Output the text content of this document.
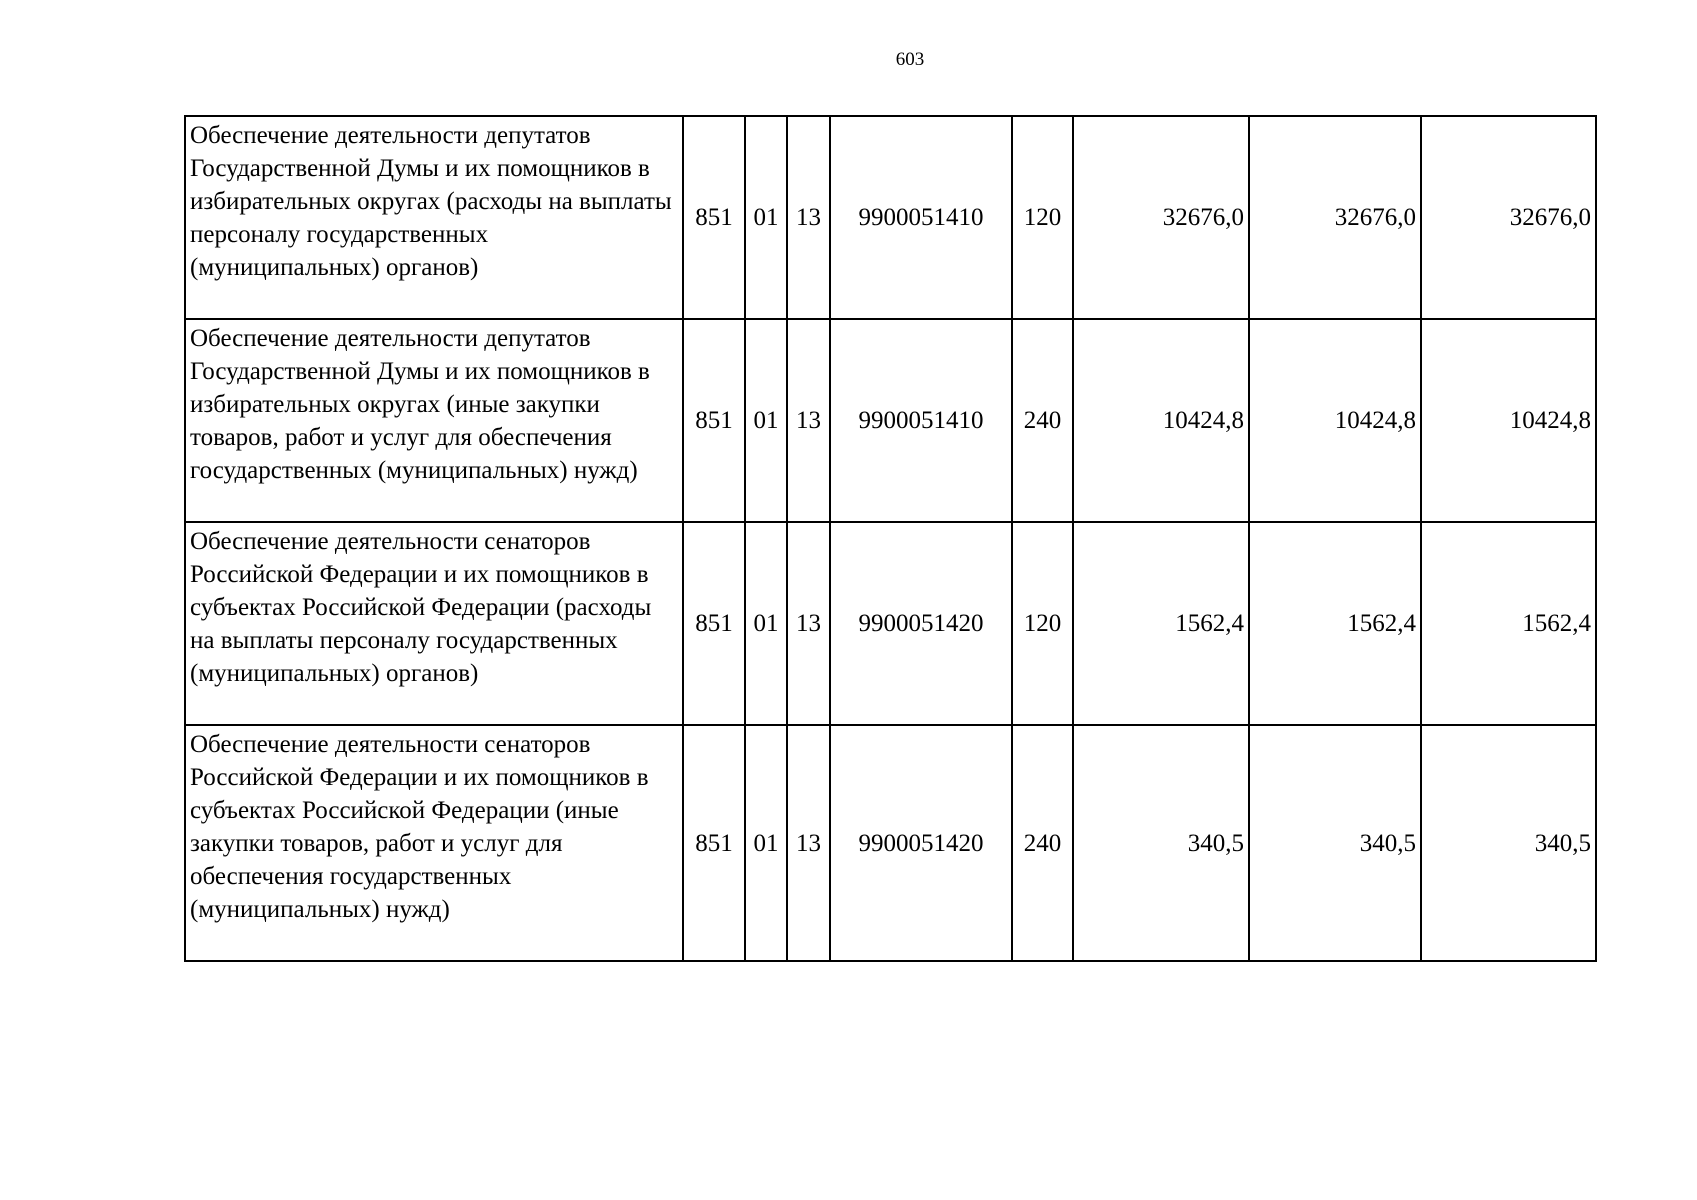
603
Обеспечение деятельности депутатов Государственной Думы и их помощников в избирательных округах (расходы на выплаты персоналу государственных (муниципальных) органов)	851	01	13	9900051410	120	32676,0	32676,0	32676,0
Обеспечение деятельности депутатов Государственной Думы и их помощников в избирательных округах (иные закупки товаров, работ и услуг для обеспечения государственных (муниципальных) нужд)	851	01	13	9900051410	240	10424,8	10424,8	10424,8
Обеспечение деятельности сенаторов Российской Федерации и их помощников в субъектах Российской Федерации (расходы на выплаты персоналу государственных (муниципальных) органов)	851	01	13	9900051420	120	1562,4	1562,4	1562,4
Обеспечение деятельности сенаторов Российской Федерации и их помощников в субъектах Российской Федерации (иные закупки товаров, работ и услуг для обеспечения государственных (муниципальных) нужд)	851	01	13	9900051420	240	340,5	340,5	340,5
